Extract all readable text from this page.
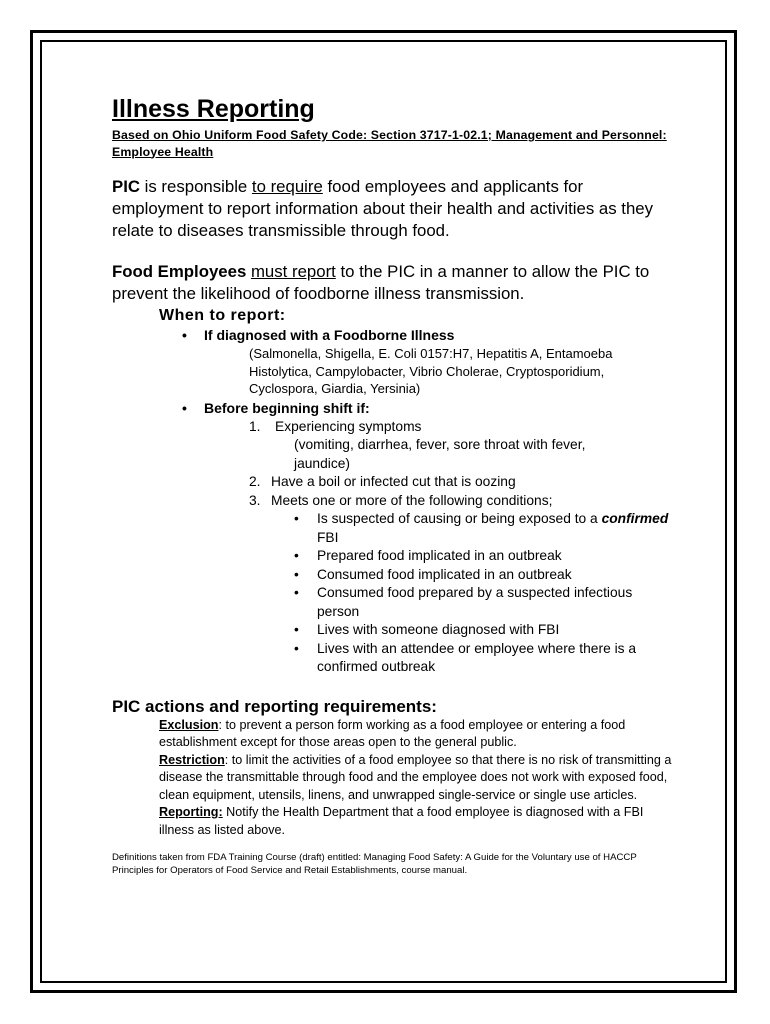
Illness Reporting

Based on Ohio Uniform Food Safety Code: Section 3717-1-02.1; Management and Personnel: Employee Health

PIC is responsible to require food employees and applicants for employment to report information about their health and activities as they relate to diseases transmissible through food.

Food Employees must report to the PIC in a manner to allow the PIC to prevent the likelihood of foodborne illness transmission.

When to report:

• If diagnosed with a Foodborne Illness
(Salmonella, Shigella, E. Coli 0157:H7, Hepatitis A, Entamoeba Histolytica, Campylobacter, Vibrio Cholerae, Cryptosporidium, Cyclospora, Giardia, Yersinia)
• Before beginning shift if:
1.	Experiencing symptoms
(vomiting, diarrhea, fever, sore throat with fever, jaundice)
2. Have a boil or infected cut that is oozing
3. Meets one or more of the following conditions;
• Is suspected of causing or being exposed to a confirmed FBI
• Prepared food implicated in an outbreak
• Consumed food implicated in an outbreak
• Consumed food prepared by a suspected infectious person
• Lives with someone diagnosed with FBI
• Lives with an attendee or employee where there is a confirmed outbreak

PIC actions and reporting requirements:

Exclusion: to prevent a person form working as a food employee or entering a food establishment except for those areas open to the general public.
Restriction: to limit the activities of a food employee so that there is no risk of transmitting a disease the transmittable through food and the employee does not work with exposed food, clean equipment, utensils, linens, and unwrapped single-service or single use articles.
Reporting: Notify the Health Department that a food employee is diagnosed with a FBI illness as listed above.

Definitions taken from FDA Training Course (draft) entitled: Managing Food Safety: A Guide for the Voluntary use of HACCP Principles for Operators of Food Service and Retail Establishments, course manual.
